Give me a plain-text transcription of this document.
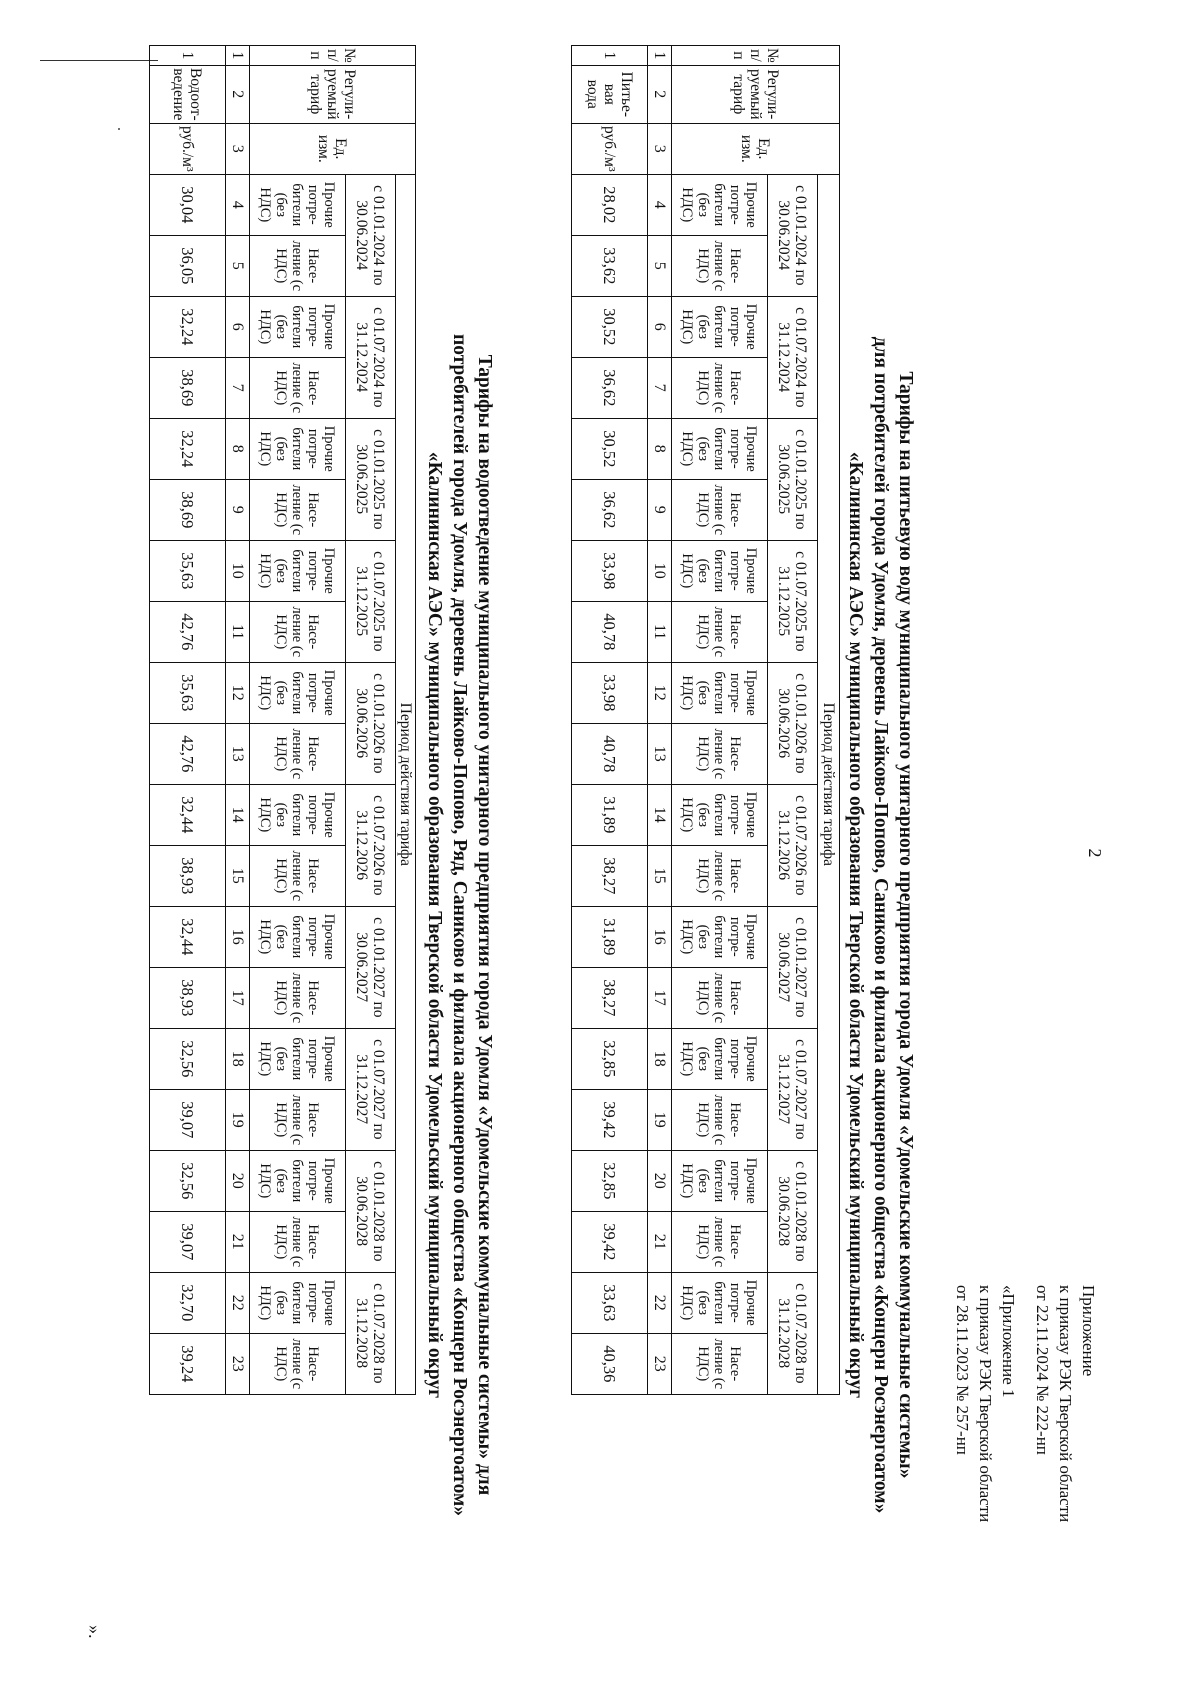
2
Приложение
к приказу РЭК Тверской области
от 22.11.2024 № 222-нп
«Приложение 1
к приказу РЭК Тверской области
от 28.11.2023 № 257-нп
Тарифы на питьевую воду муниципального унитарного предприятия города Удомля «Удомельские коммунальные системы»
для потребителей города Удомля, деревень Лайково-Попово, Саниково и филиала акционерного общества «Концерн Росэнергоатом»
«Калининская АЭС» муниципального образования Тверской области Удомельский муниципальный округ
№ п/п	Регули- руемый тариф	Ед. изм.	Период действия тарифа																			
			с 01.01.2024 по 30.06.2024		с 01.07.2024 по 31.12.2024		с 01.01.2025 по 30.06.2025		с 01.07.2025 по 31.12.2025		с 01.01.2026 по 30.06.2026		с 01.07.2026 по 31.12.2026		с 01.01.2027 по 30.06.2027		с 01.07.2027 по 31.12.2027		с 01.01.2028 по 30.06.2028		с 01.07.2028 по 31.12.2028	
			Прочие потре- бители (без НДС)	Насе- ление (с НДС)	Прочие потре- бители (без НДС)	Насе- ление (с НДС)	Прочие потре- бители (без НДС)	Насе- ление (с НДС)	Прочие потре- бители (без НДС)	Насе- ление (с НДС)	Прочие потре- бители (без НДС)	Насе- ление (с НДС)	Прочие потре- бители (без НДС)	Насе- ление (с НДС)	Прочие потре- бители (без НДС)	Насе- ление (с НДС)	Прочие потре- бители (без НДС)	Насе- ление (с НДС)	Прочие потре- бители (без НДС)	Насе- ление (с НДС)	Прочие потре- бители (без НДС)	Насе- ление (с НДС)
1	2	3	4	5	6	7	8	9	10	11	12	13	14	15	16	17	18	19	20	21	22	23
1	Питье- вая вода	руб./м³	28,02	33,62	30,52	36,62	30,52	36,62	33,98	40,78	33,98	40,78	31,89	38,27	31,89	38,27	32,85	39,42	32,85	39,42	33,63	40,36
Тарифы на водоотведение муниципального унитарного предприятия города Удомля «Удомельские коммунальные системы» для
потребителей города Удомля, деревень Лайково-Попово, Ряд, Саниково и филиала акционерного общества «Концерн Росэнергоатом»
«Калининская АЭС» муниципального образования Тверской области Удомельский муниципальный округ
№ п/п	Регули- руемый тариф	Ед. изм.	Период действия тарифа																			
			с 01.01.2024 по 30.06.2024		с 01.07.2024 по 31.12.2024		с 01.01.2025 по 30.06.2025		с 01.07.2025 по 31.12.2025		с 01.01.2026 по 30.06.2026		с 01.07.2026 по 31.12.2026		с 01.01.2027 по 30.06.2027		с 01.07.2027 по 31.12.2027		с 01.01.2028 по 30.06.2028		с 01.07.2028 по 31.12.2028	
			Прочие потре- бители (без НДС)	Насе- ление (с НДС)	Прочие потре- бители (без НДС)	Насе- ление (с НДС)	Прочие потре- бители (без НДС)	Насе- ление (с НДС)	Прочие потре- бители (без НДС)	Насе- ление (с НДС)	Прочие потре- бители (без НДС)	Насе- ление (с НДС)	Прочие потре- бители (без НДС)	Насе- ление (с НДС)	Прочие потре- бители (без НДС)	Насе- ление (с НДС)	Прочие потре- бители (без НДС)	Насе- ление (с НДС)	Прочие потре- бители (без НДС)	Насе- ление (с НДС)	Прочие потре- бители (без НДС)	Насе- ление (с НДС)
1	2	3	4	5	6	7	8	9	10	11	12	13	14	15	16	17	18	19	20	21	22	23
1	Водоот- ведение	руб./м³	30,04	36,05	32,24	38,69	32,24	38,69	35,63	42,76	35,63	42,76	32,44	38,93	32,44	38,93	32,56	39,07	32,56	39,07	32,70	39,24
».
